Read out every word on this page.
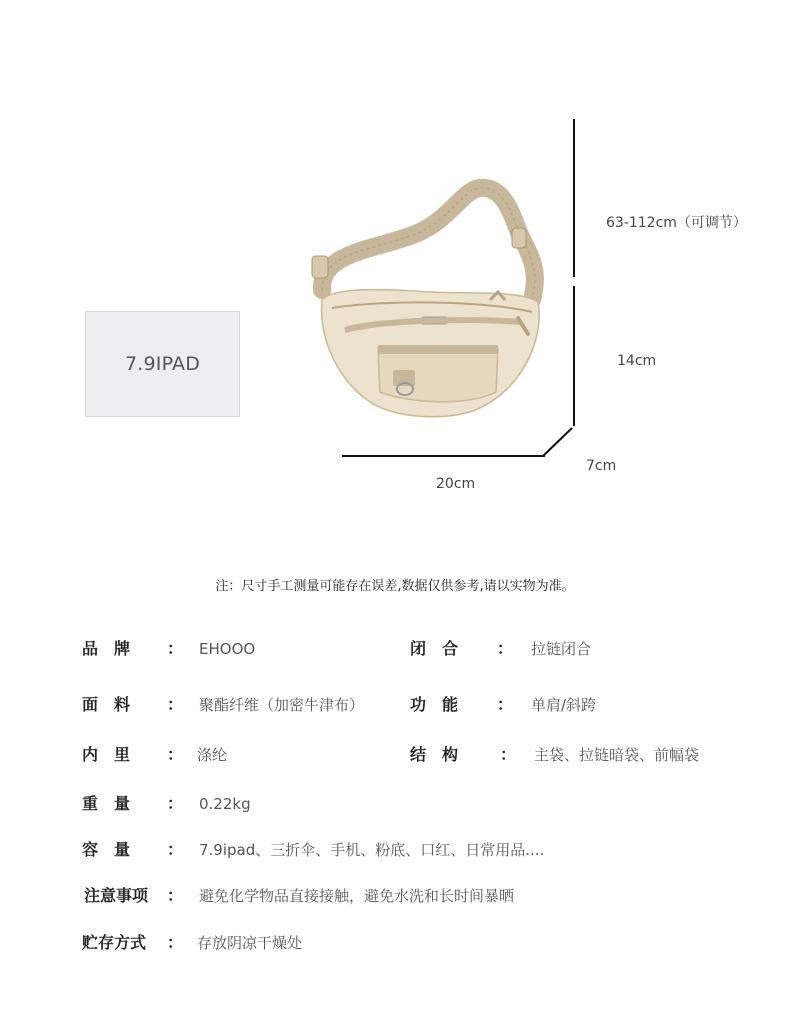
7.9IPAD
63-112cm（可调节）
14cm
7cm
20cm
注：尺寸手工测量可能存在误差,数据仅供参考,请以实物为准。
品　牌 ： EHOOO	闭　合 ： 拉链闭合
面　料 ： 聚酯纤维（加密牛津布）	功　能 ： 单肩/斜跨
内　里 ： 涤纶	结　构	： 主袋、拉链暗袋、前幅袋
重　量 ： 0.22kg
容　量 ： 7.9ipad、三折伞、手机、粉底、口红、日常用品....
注意事项 ： 避免化学物品直接接触，避免水洗和长时间暴晒
贮存方式 ： 存放阴凉干燥处
